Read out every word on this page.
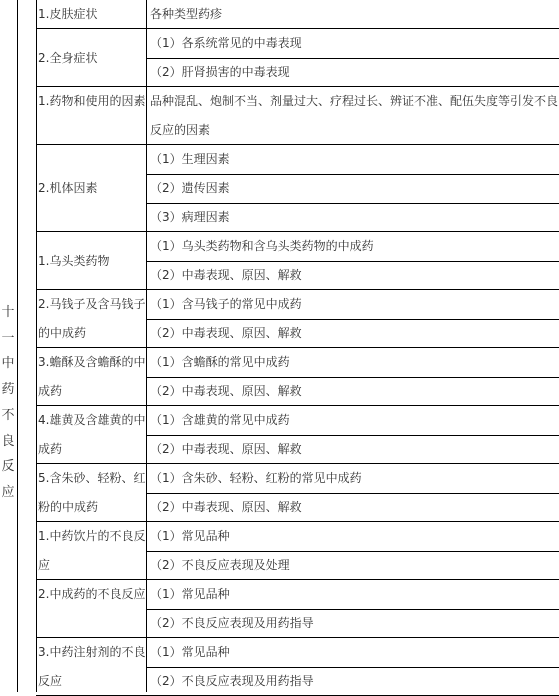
十
一
中
药
不
良
反
应
1.皮肤症状	各种类型药疹
2.全身症状
（1）各系统常见的中毒表现
（2）肝肾损害的中毒表现
1.药物和使用的因素 品种混乱、炮制不当、剂量过大、疗程过长、辨证不准、配伍失度等引发不良反应的因素
2.机体因素
（1）生理因素
（2）遗传因素
（3）病理因素
1.乌头类药物
（1）乌头类药物和含乌头类药物的中成药
（2）中毒表现、原因、解救
2.马钱子及含马钱子的中成药
（1）含马钱子的常见中成药
（2）中毒表现、原因、解救
3.蟾酥及含蟾酥的中成药
（1）含蟾酥的常见中成药
（2）中毒表现、原因、解救
4.雄黄及含雄黄的中成药
（1）含雄黄的常见中成药
（2）中毒表现、原因、解救
5.含朱砂、轻粉、红粉的中成药
（1）含朱砂、轻粉、红粉的常见中成药
（2）中毒表现、原因、解救
1.中药饮片的不良反应
（1）常见品种
（2）不良反应表现及处理
2.中成药的不良反应 （1）常见品种
（2）不良反应表现及用药指导
3.中药注射剂的不良反应
（1）常见品种
（2）不良反应表现及用药指导
